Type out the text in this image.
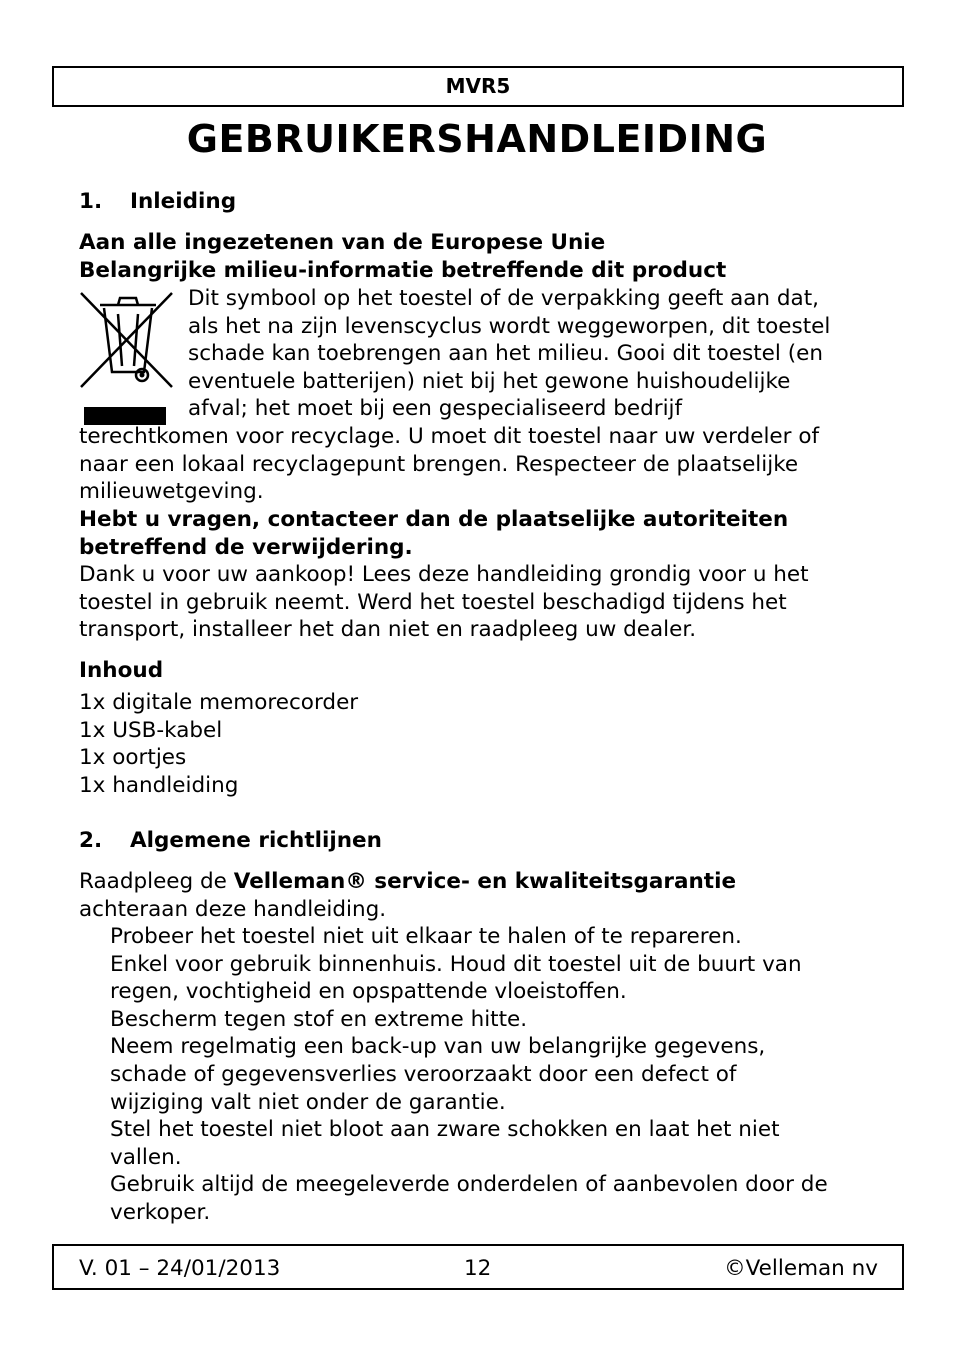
MVR5
GEBRUIKERSHANDLEIDING
1. Inleiding
Aan alle ingezetenen van de Europese Unie
Belangrijke milieu-informatie betreffende dit product
Dit symbool op het toestel of de verpakking geeft aan dat,
als het na zijn levenscyclus wordt weggeworpen, dit toestel
schade kan toebrengen aan het milieu. Gooi dit toestel (en
eventuele batterijen) niet bij het gewone huishoudelijke
afval; het moet bij een gespecialiseerd bedrijf
terechtkomen voor recyclage. U moet dit toestel naar uw verdeler of
naar een lokaal recyclagepunt brengen. Respecteer de plaatselijke
milieuwetgeving.
Hebt u vragen, contacteer dan de plaatselijke autoriteiten
betreffend de verwijdering.
Dank u voor uw aankoop! Lees deze handleiding grondig voor u het
toestel in gebruik neemt. Werd het toestel beschadigd tijdens het
transport, installeer het dan niet en raadpleeg uw dealer.
Inhoud
1x digitale memorecorder
1x USB-kabel
1x oortjes
1x handleiding
2. Algemene richtlijnen
Raadpleeg de Velleman® service- en kwaliteitsgarantie
achteraan deze handleiding.
Probeer het toestel niet uit elkaar te halen of te repareren.
Enkel voor gebruik binnenhuis. Houd dit toestel uit de buurt van
regen, vochtigheid en opspattende vloeistoffen.
Bescherm tegen stof en extreme hitte.
Neem regelmatig een back-up van uw belangrijke gegevens,
schade of gegevensverlies veroorzaakt door een defect of
wijziging valt niet onder de garantie.
Stel het toestel niet bloot aan zware schokken en laat het niet
vallen.
Gebruik altijd de meegeleverde onderdelen of aanbevolen door de
verkoper.
V. 01 – 24/01/2013	12	©Velleman nv
